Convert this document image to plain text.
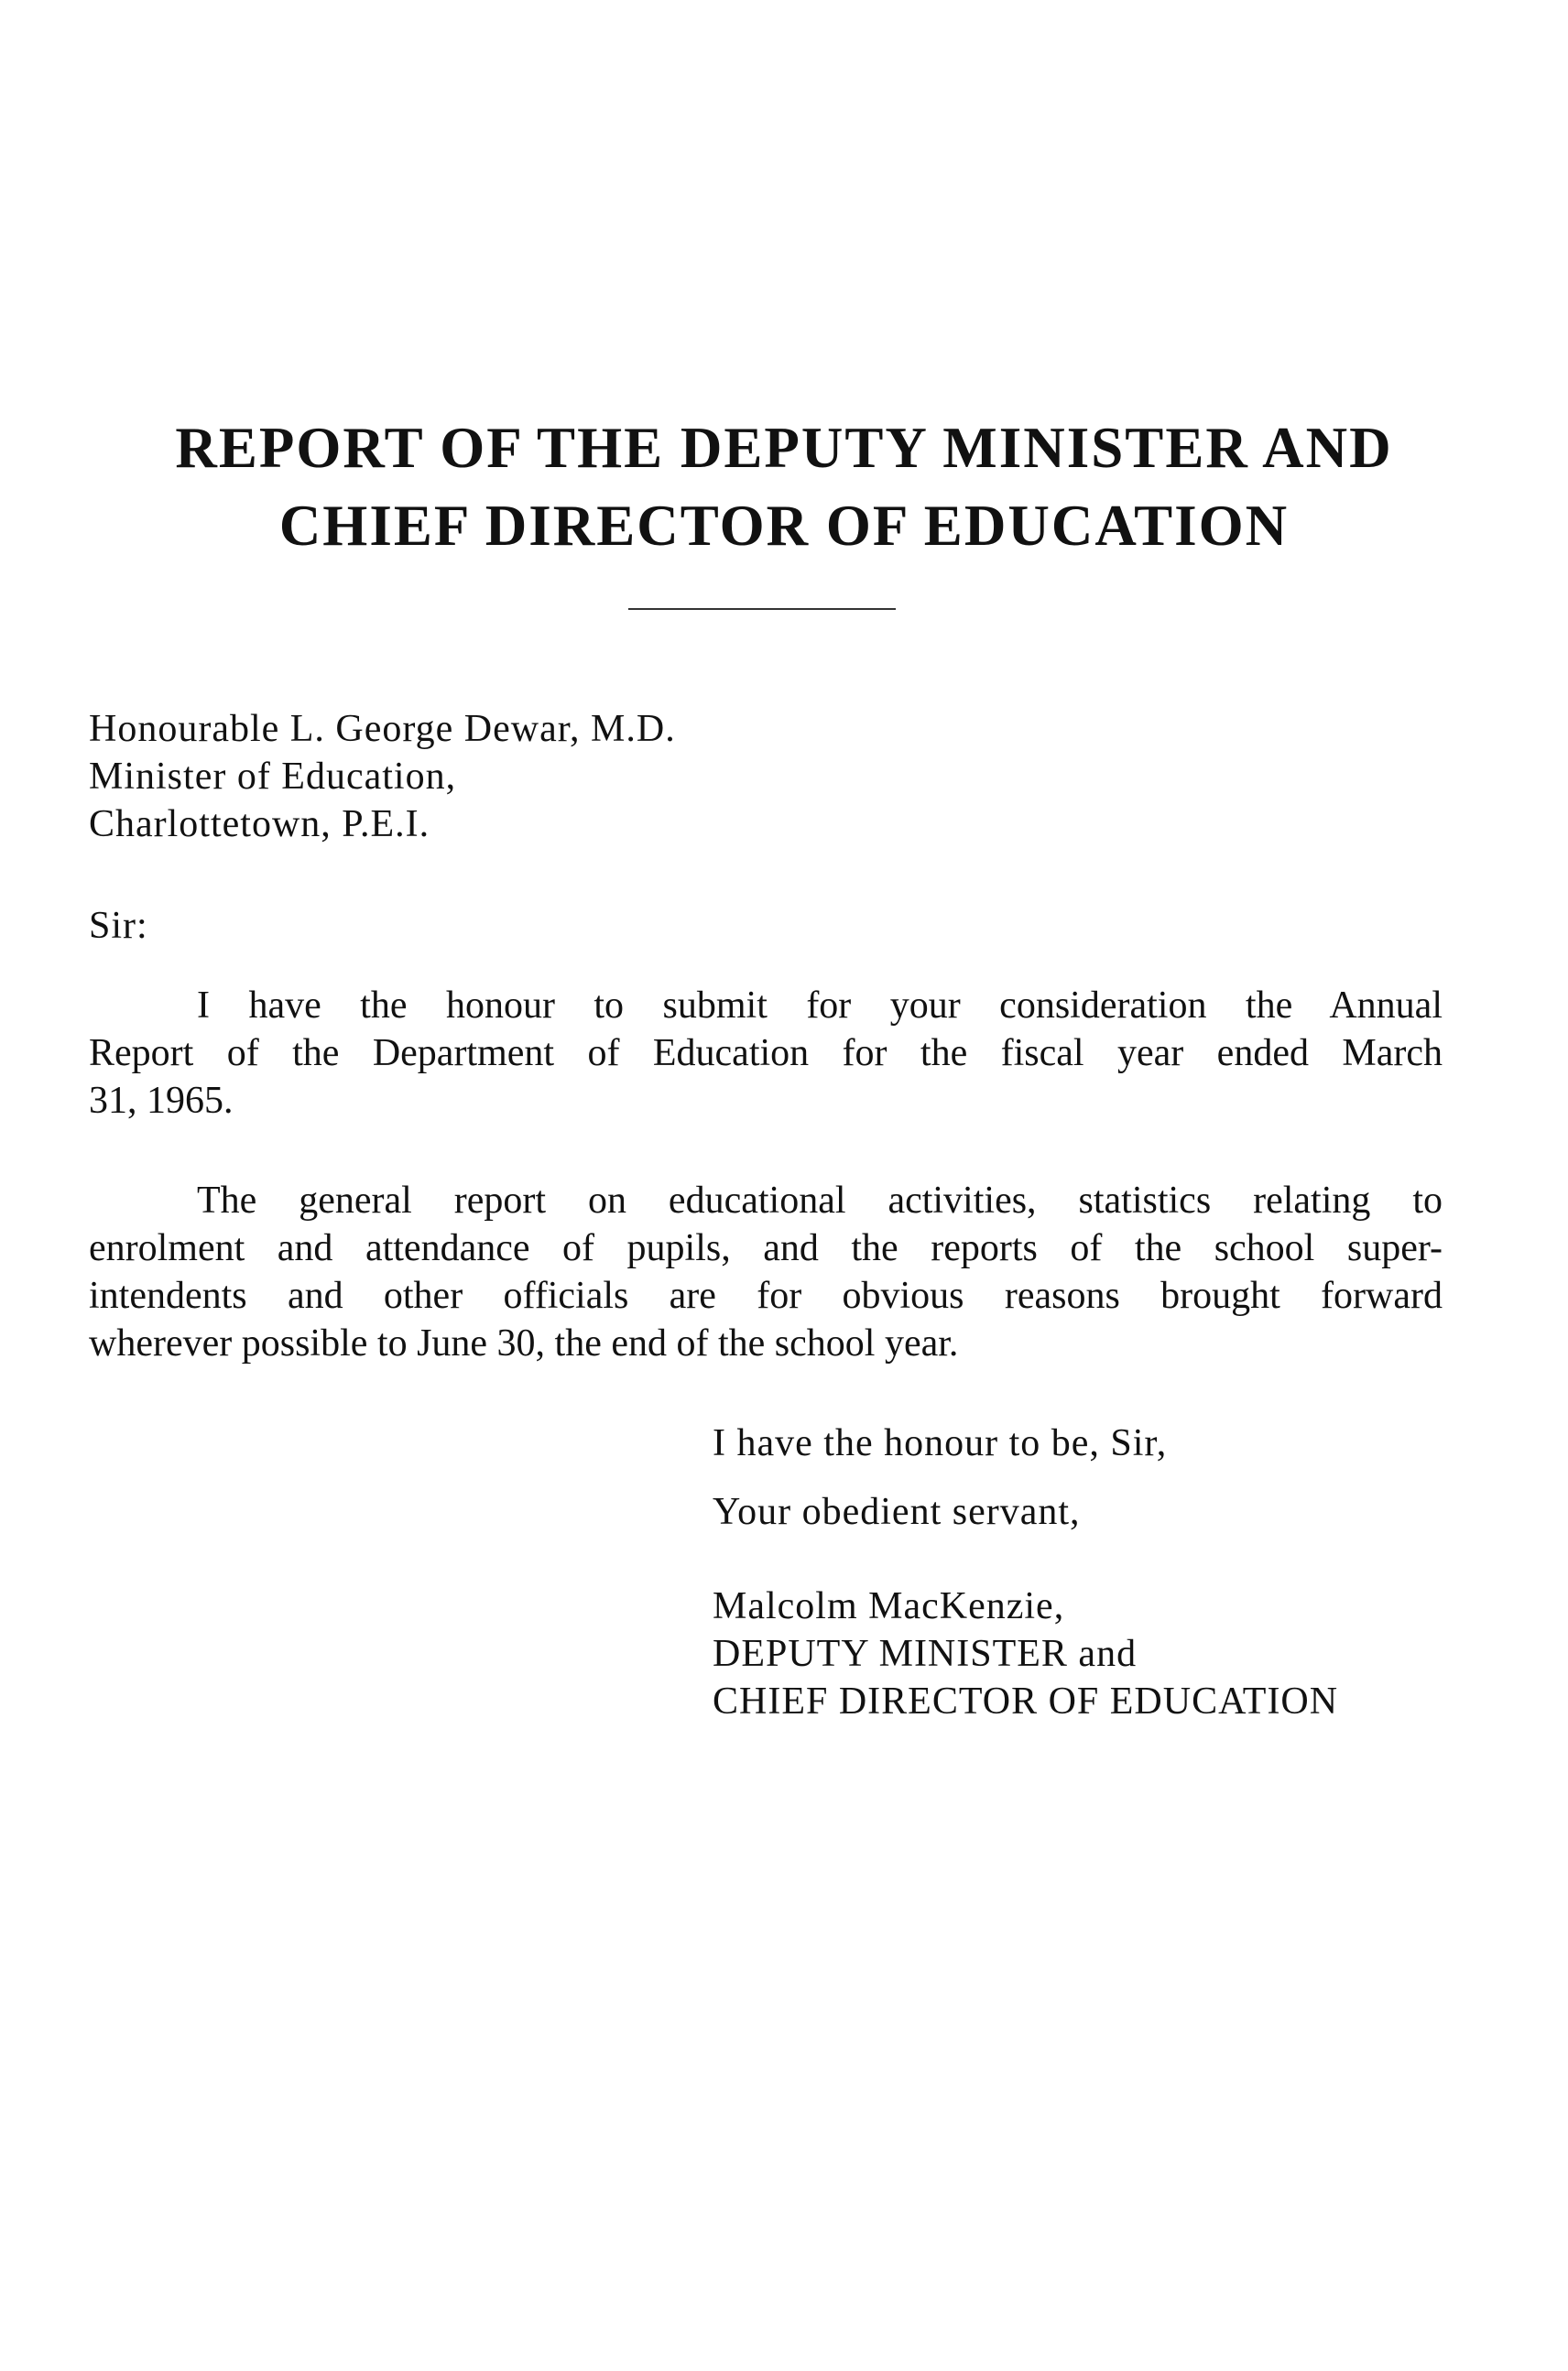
REPORT OF THE DEPUTY MINISTER AND
CHIEF DIRECTOR OF EDUCATION
Honourable L. George Dewar, M.D.
Minister of Education,
Charlottetown, P.E.I.
Sir:
I have the honour to submit for your consideration the Annual
Report of the Department of Education for the fiscal year ended March
31, 1965.
The general report on educational activities, statistics relating to
enrolment and attendance of pupils, and the reports of the school super-
intendents and other officials are for obvious reasons brought forward
wherever possible to June 30, the end of the school year.
I have the honour to be, Sir,
Your obedient servant,
Malcolm MacKenzie,
DEPUTY MINISTER and
CHIEF DIRECTOR OF EDUCATION
